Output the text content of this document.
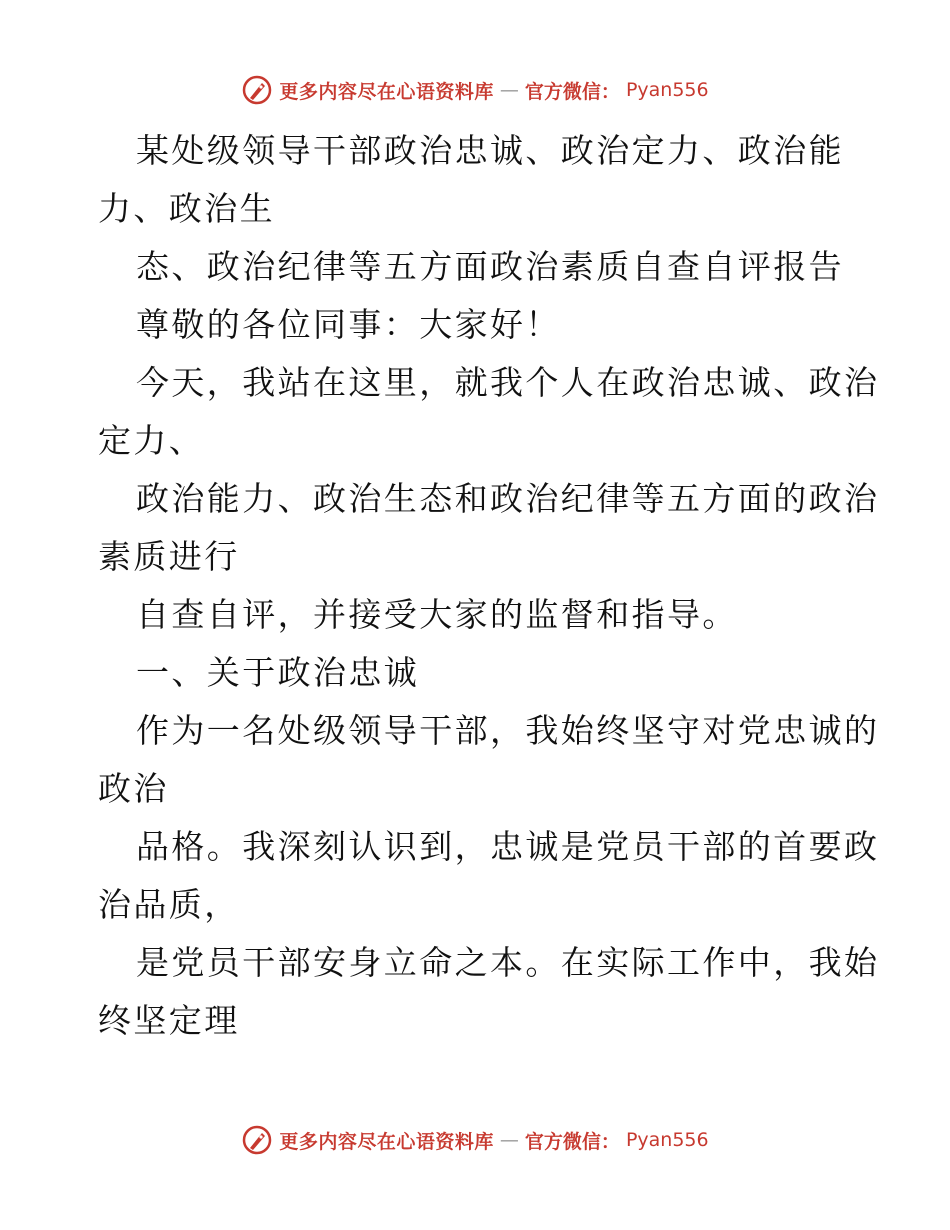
更多内容尽在心语资料库 — 官方微信： Pyan556
某处级领导干部政治忠诚、政治定力、政治能
力、政治生
态、政治纪律等五方面政治素质自查自评报告
尊敬的各位同事：大家好！
今天，我站在这里，就我个人在政治忠诚、政治
定力、
政治能力、政治生态和政治纪律等五方面的政治
素质进行
自查自评，并接受大家的监督和指导。
一、关于政治忠诚
作为一名处级领导干部，我始终坚守对党忠诚的
政治
品格。我深刻认识到，忠诚是党员干部的首要政
治品质，
是党员干部安身立命之本。在实际工作中，我始
终坚定理
更多内容尽在心语资料库 — 官方微信： Pyan556
